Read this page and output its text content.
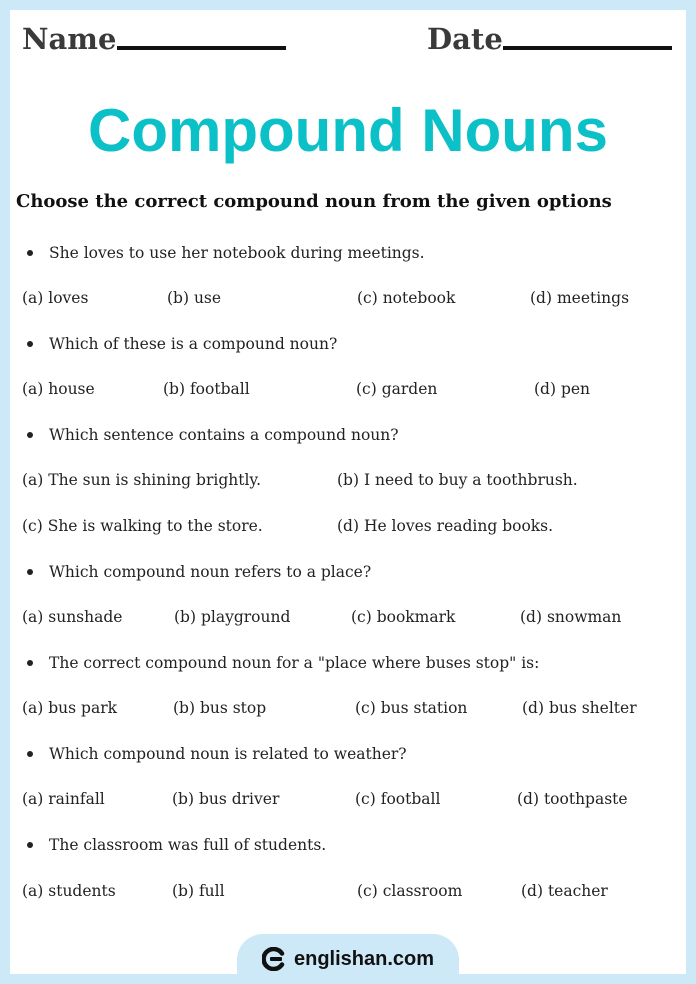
Name	Date
Compound Nouns
Choose the correct compound noun from the given options
She loves to use her notebook during meetings.
(a) loves	(b) use	(c) notebook	(d) meetings
Which of these is a compound noun?
(a) house	(b) football	(c) garden	(d) pen
Which sentence contains a compound noun?
(a) The sun is shining brightly.	(b) I need to buy a toothbrush.
(c) She is walking to the store.	(d) He loves reading books.
Which compound noun refers to a place?
(a) sunshade	(b) playground	(c) bookmark	(d) snowman
The correct compound noun for a "place where buses stop" is:
(a) bus park	(b) bus stop	(c) bus station	(d) bus shelter
Which compound noun is related to weather?
(a) rainfall	(b) bus driver	(c) football	(d) toothpaste
The classroom was full of students.
(a) students	(b) full	(c) classroom	(d) teacher
englishan.com
